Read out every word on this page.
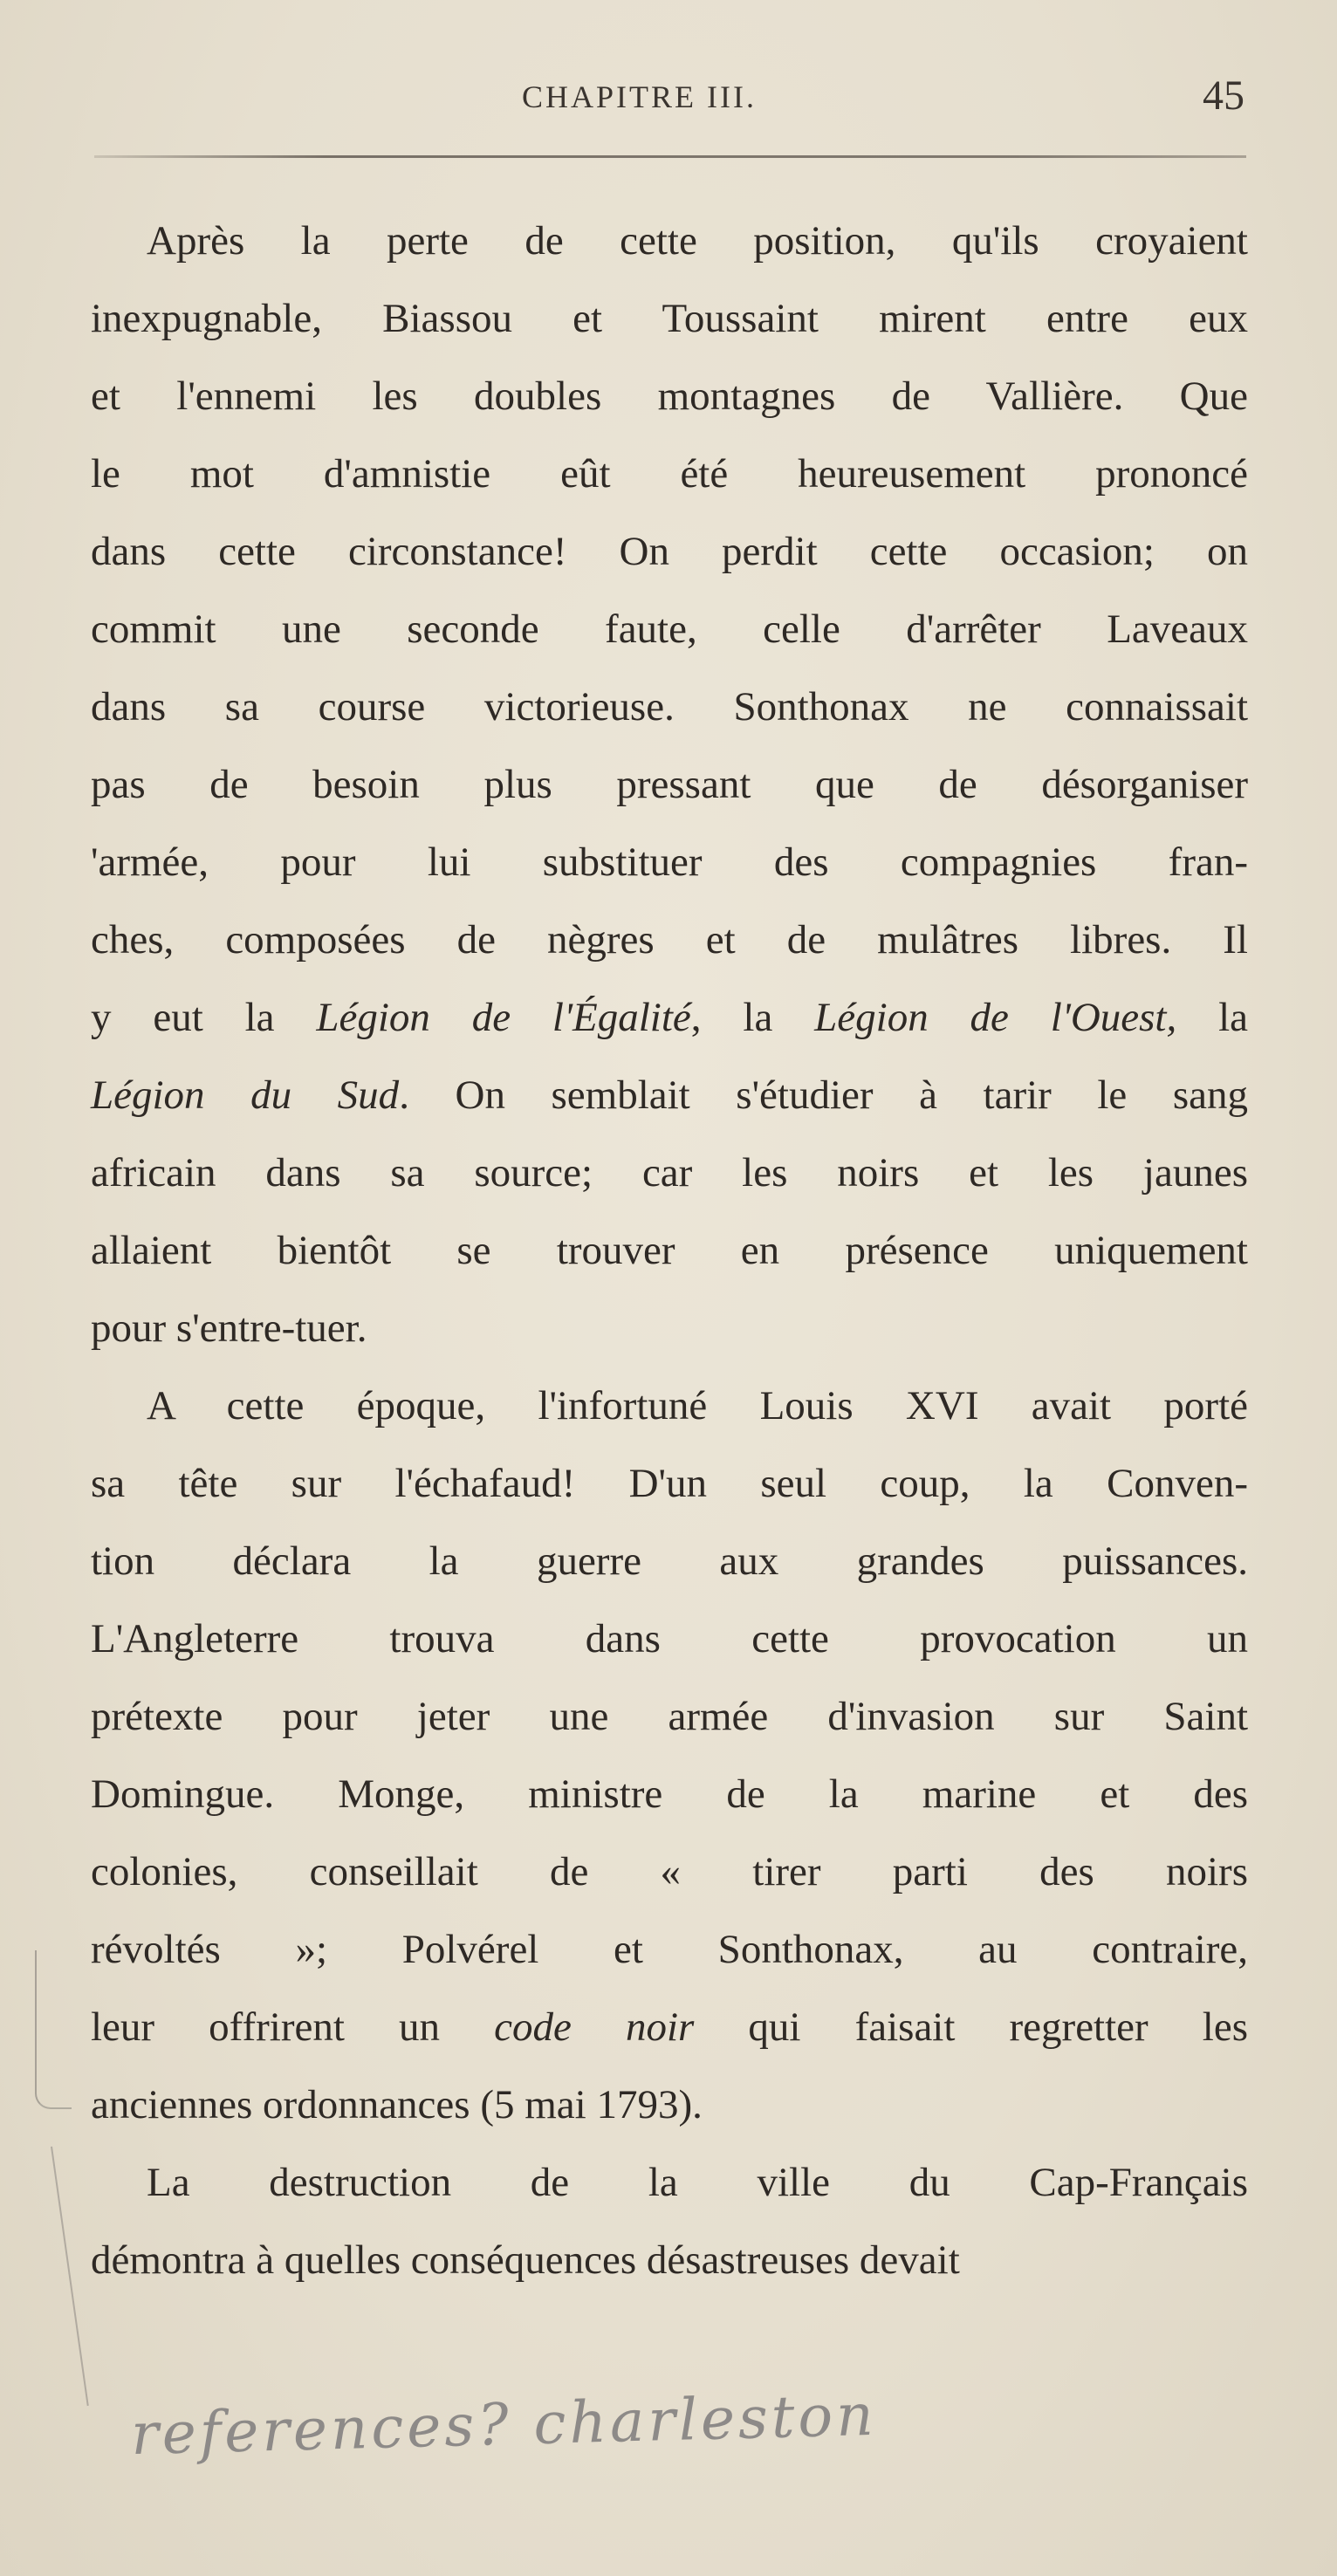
CHAPITRE III.	45
Après la perte de cette position, qu'ils croyaient
inexpugnable, Biassou et Toussaint mirent entre eux
et l'ennemi les doubles montagnes de Vallière. Que
le mot d'amnistie eût été heureusement prononcé
dans cette circonstance! On perdit cette occasion; on
commit une seconde faute, celle d'arrêter Laveaux
dans sa course victorieuse. Sonthonax ne connaissait
pas de besoin plus pressant que de désorganiser
'armée, pour lui substituer des compagnies fran-
ches, composées de nègres et de mulâtres libres. Il
y eut la Légion de l'Égalité, la Légion de l'Ouest, la
Légion du Sud. On semblait s'étudier à tarir le sang
africain dans sa source; car les noirs et les jaunes
allaient bientôt se trouver en présence uniquement
pour s'entre-tuer.
A cette époque, l'infortuné Louis XVI avait porté
sa tête sur l'échafaud! D'un seul coup, la Conven-
tion déclara la guerre aux grandes puissances.
L'Angleterre trouva dans cette provocation un
prétexte pour jeter une armée d'invasion sur Saint
Domingue. Monge, ministre de la marine et des
colonies, conseillait de « tirer parti des noirs
révoltés »; Polvérel et Sonthonax, au contraire,
leur offrirent un code noir qui faisait regretter les
anciennes ordonnances (5 mai 1793).
La destruction de la ville du Cap-Français
démontra à quelles conséquences désastreuses devait
references? charleston
